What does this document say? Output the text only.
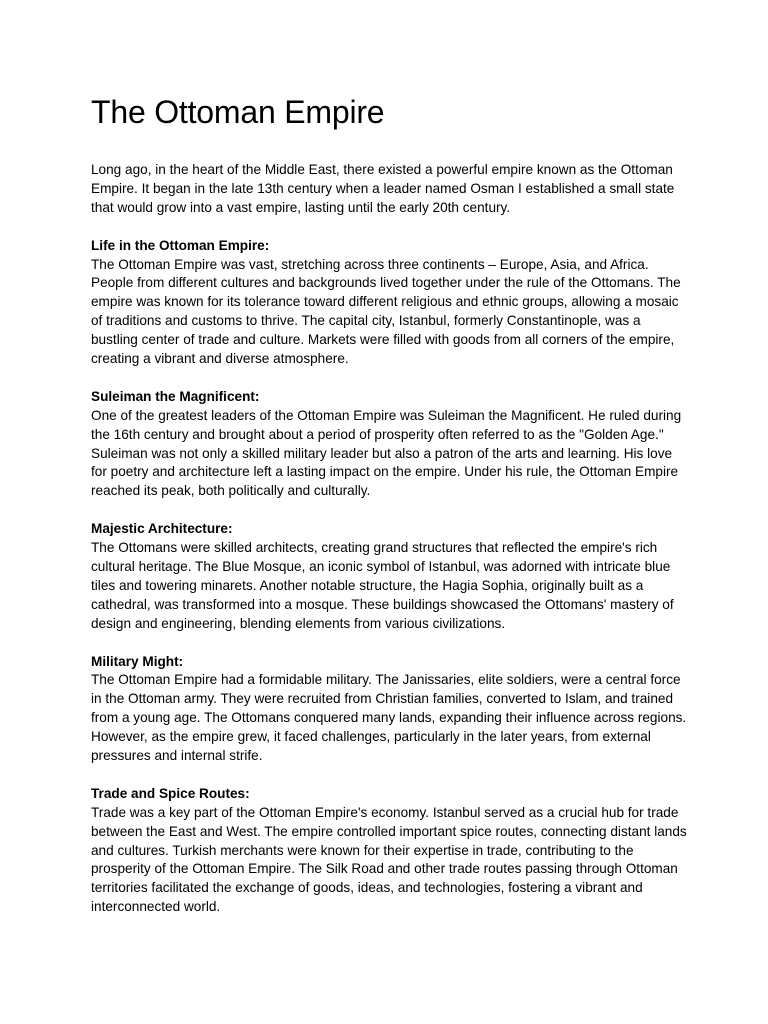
The Ottoman Empire

Long ago, in the heart of the Middle East, there existed a powerful empire known as the Ottoman Empire. It began in the late 13th century when a leader named Osman I established a small state that would grow into a vast empire, lasting until the early 20th century.

Life in the Ottoman Empire:

The Ottoman Empire was vast, stretching across three continents – Europe, Asia, and Africa. People from different cultures and backgrounds lived together under the rule of the Ottomans. The empire was known for its tolerance toward different religious and ethnic groups, allowing a mosaic of traditions and customs to thrive. The capital city, Istanbul, formerly Constantinople, was a bustling center of trade and culture. Markets were filled with goods from all corners of the empire, creating a vibrant and diverse atmosphere.

Suleiman the Magnificent:

One of the greatest leaders of the Ottoman Empire was Suleiman the Magnificent. He ruled during the 16th century and brought about a period of prosperity often referred to as the "Golden Age." Suleiman was not only a skilled military leader but also a patron of the arts and learning. His love for poetry and architecture left a lasting impact on the empire. Under his rule, the Ottoman Empire reached its peak, both politically and culturally.

Majestic Architecture:

The Ottomans were skilled architects, creating grand structures that reflected the empire's rich cultural heritage. The Blue Mosque, an iconic symbol of Istanbul, was adorned with intricate blue tiles and towering minarets. Another notable structure, the Hagia Sophia, originally built as a cathedral, was transformed into a mosque. These buildings showcased the Ottomans' mastery of design and engineering, blending elements from various civilizations.

Military Might:

The Ottoman Empire had a formidable military. The Janissaries, elite soldiers, were a central force in the Ottoman army. They were recruited from Christian families, converted to Islam, and trained from a young age. The Ottomans conquered many lands, expanding their influence across regions. However, as the empire grew, it faced challenges, particularly in the later years, from external pressures and internal strife.

Trade and Spice Routes:

Trade was a key part of the Ottoman Empire's economy. Istanbul served as a crucial hub for trade between the East and West. The empire controlled important spice routes, connecting distant lands and cultures. Turkish merchants were known for their expertise in trade, contributing to the prosperity of the Ottoman Empire. The Silk Road and other trade routes passing through Ottoman territories facilitated the exchange of goods, ideas, and technologies, fostering a vibrant and interconnected world.
